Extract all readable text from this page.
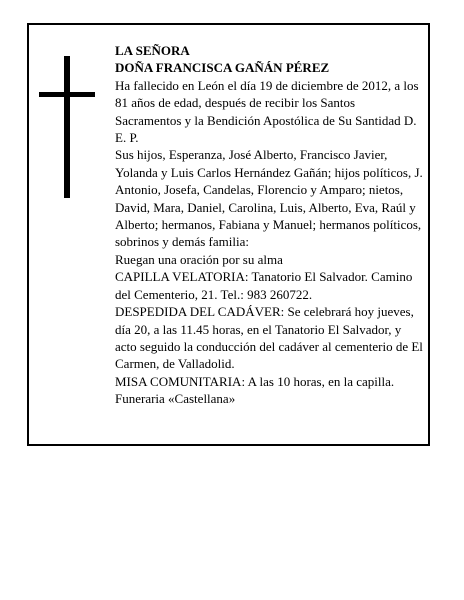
LA SEÑORA

DOÑA FRANCISCA GAÑÁN PÉREZ

Ha fallecido en León el día 19 de diciembre de 2012, a los 81 años de edad, después de recibir los Santos Sacramentos y la Bendición Apostólica de Su Santidad D. E. P.

Sus hijos, Esperanza, José Alberto, Francisco Javier, Yolanda y Luis Carlos Hernández Gañán; hijos políticos, J. Antonio, Josefa, Candelas, Florencio y Amparo; nietos, David, Mara, Daniel, Carolina, Luis, Alberto, Eva, Raúl y Alberto; hermanos, Fabiana y Manuel; hermanos políticos, sobrinos y demás familia:

Ruegan una oración por su alma

CAPILLA VELATORIA: Tanatorio El Salvador. Camino del Cementerio, 21. Tel.: 983 260722.

DESPEDIDA DEL CADÁVER: Se celebrará hoy jueves, día 20, a las 11.45 horas, en el Tanatorio El Salvador, y acto seguido la conducción del cadáver al cementerio de El Carmen, de Valladolid.

MISA COMUNITARIA: A las 10 horas, en la capilla.

Funeraria «Castellana»
